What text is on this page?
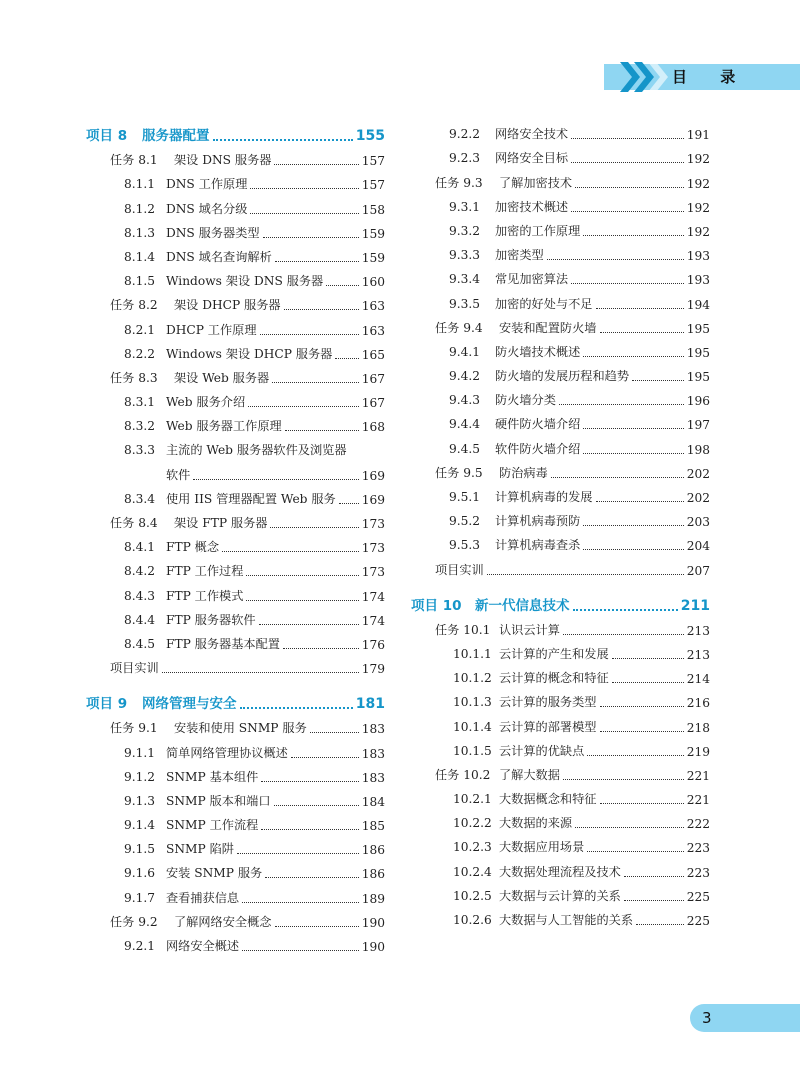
目 录
项目 8 服务器配置	155
任务 8.1 架设 DNS 服务器	157
8.1.1 DNS 工作原理	157
8.1.2 DNS 域名分级	158
8.1.3 DNS 服务器类型	159
8.1.4 DNS 域名查询解析	159
8.1.5 Windows 架设 DNS 服务器	160
任务 8.2 架设 DHCP 服务器	163
8.2.1 DHCP 工作原理	163
8.2.2 Windows 架设 DHCP 服务器 165
任务 8.3 架设 Web 服务器	167
8.3.1 Web 服务介绍	167
8.3.2 Web 服务器工作原理	168
8.3.3 主流的 Web 服务器软件及浏览器
软件	169
8.3.4 使用 IIS 管理器配置 Web 服务 169
任务 8.4 架设 FTP 服务器	173
8.4.1 FTP 概念	173
8.4.2 FTP 工作过程	173
8.4.3 FTP 工作模式	174
8.4.4 FTP 服务器软件	174
8.4.5 FTP 服务器基本配置	176
项目实训	179
项目 9 网络管理与安全	181
任务 9.1 安装和使用 SNMP 服务	183
9.1.1 简单网络管理协议概述	183
9.1.2 SNMP 基本组件	183
9.1.3 SNMP 版本和端口	184
9.1.4 SNMP 工作流程	185
9.1.5 SNMP 陷阱	186
9.1.6 安装 SNMP 服务	186
9.1.7 查看捕获信息	189
任务 9.2 了解网络安全概念	190
9.2.1 网络安全概述	190
9.2.2 网络安全技术	191
9.2.3 网络安全目标	192
任务 9.3 了解加密技术	192
9.3.1 加密技术概述	192
9.3.2 加密的工作原理	192
9.3.3 加密类型	193
9.3.4 常见加密算法	193
9.3.5 加密的好处与不足	194
任务 9.4 安装和配置防火墙	195
9.4.1 防火墙技术概述	195
9.4.2 防火墙的发展历程和趋势	195
9.4.3 防火墙分类	196
9.4.4 硬件防火墙介绍	197
9.4.5 软件防火墙介绍	198
任务 9.5 防治病毒	202
9.5.1 计算机病毒的发展	202
9.5.2 计算机病毒预防	203
9.5.3 计算机病毒查杀	204
项目实训	207
项目 10 新一代信息技术	211
任务 10.1 认识云计算	213
10.1.1 云计算的产生和发展	213
10.1.2 云计算的概念和特征	214
10.1.3 云计算的服务类型	216
10.1.4 云计算的部署模型	218
10.1.5 云计算的优缺点	219
任务 10.2 了解大数据	221
10.2.1 大数据概念和特征	221
10.2.2 大数据的来源	222
10.2.3 大数据应用场景	223
10.2.4 大数据处理流程及技术	223
10.2.5 大数据与云计算的关系	225
10.2.6 大数据与人工智能的关系	225
3
